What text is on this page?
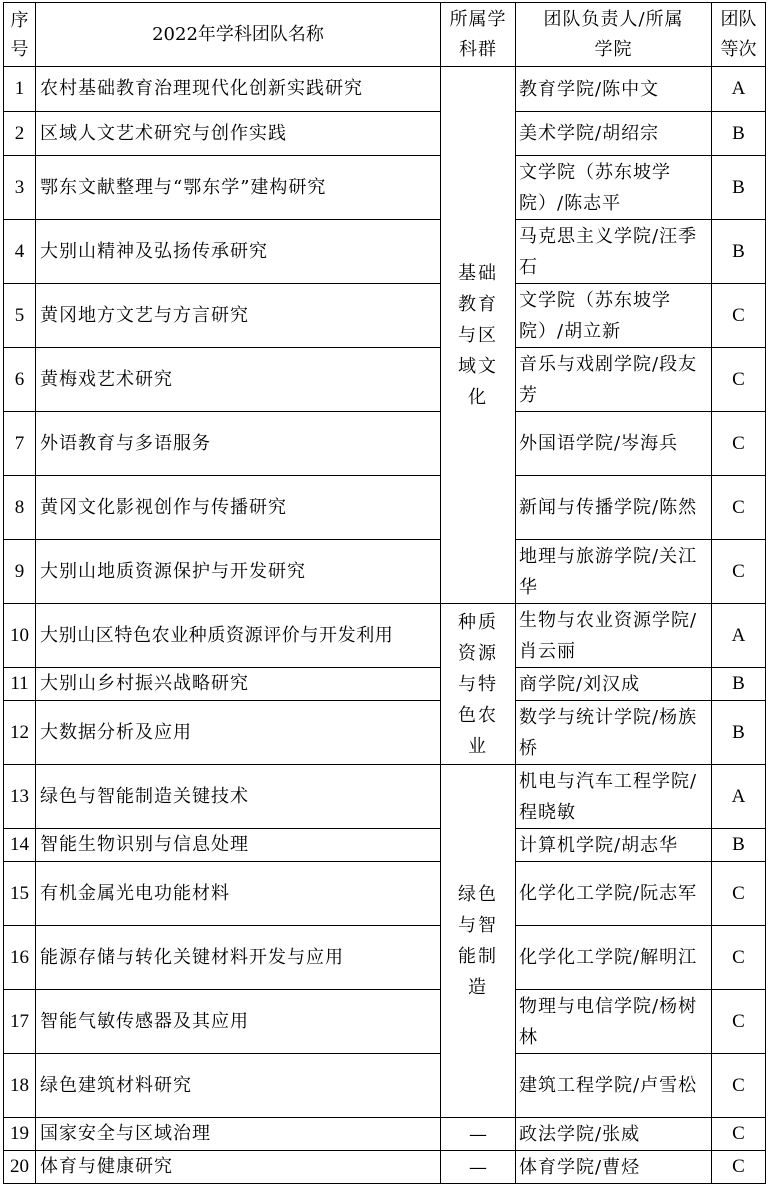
序号	2022年学科团队名称	所属学科群	团队负责人/所属学院	团队等次
1	农村基础教育治理现代化创新实践研究	基础教育与区域文化	教育学院/陈中文	A
2	区域人文艺术研究与创作实践		美术学院/胡绍宗	B
3	鄂东文献整理与“鄂东学”建构研究		文学院（苏东坡学院）/陈志平	B
4	大别山精神及弘扬传承研究		马克思主义学院/汪季石	B
5	黄冈地方文艺与方言研究		文学院（苏东坡学院）/胡立新	C
6	黄梅戏艺术研究		音乐与戏剧学院/段友芳	C
7	外语教育与多语服务		外国语学院/岑海兵	C
8	黄冈文化影视创作与传播研究		新闻与传播学院/陈然	C
9	大别山地质资源保护与开发研究		地理与旅游学院/关江华	C
10	大别山区特色农业种质资源评价与开发利用	种质资源与特色农业	生物与农业资源学院/肖云丽	A
11	大别山乡村振兴战略研究		商学院/刘汉成	B
12	大数据分析及应用		数学与统计学院/杨族桥	B
13	绿色与智能制造关键技术	绿色与智能制造	机电与汽车工程学院/程晓敏	A
14	智能生物识别与信息处理		计算机学院/胡志华	B
15	有机金属光电功能材料		化学化工学院/阮志军	C
16	能源存储与转化关键材料开发与应用		化学化工学院/解明江	C
17	智能气敏传感器及其应用		物理与电信学院/杨树林	C
18	绿色建筑材料研究		建筑工程学院/卢雪松	C
19	国家安全与区域治理	—	政法学院/张威	C
20	体育与健康研究	—	体育学院/曹烃	C
